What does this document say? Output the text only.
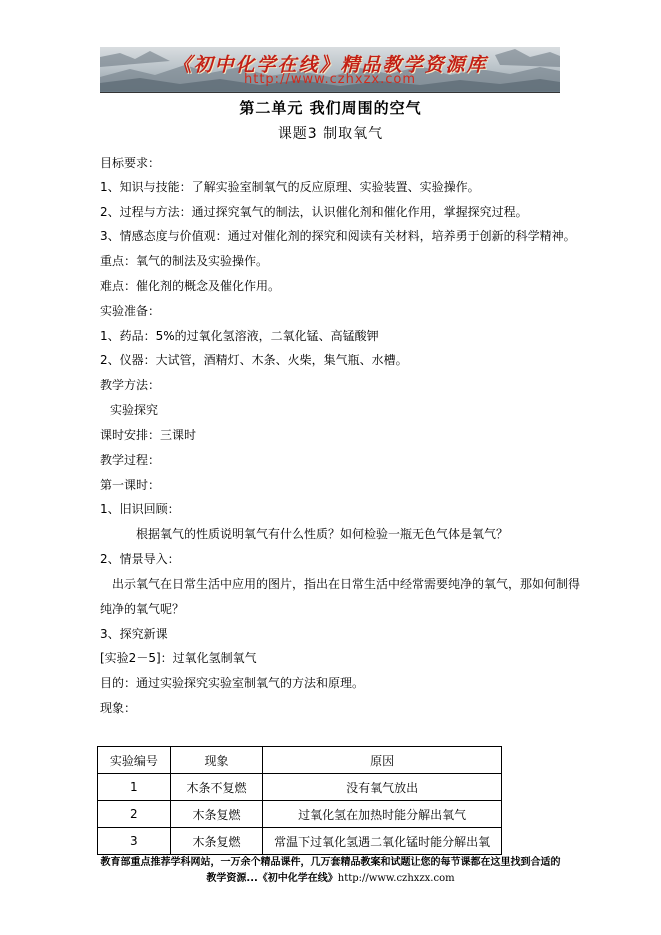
《初中化学在线》精品教学资源库
http://www.czhxzx.com
第二单元 我们周围的空气
课题3 制取氧气
目标要求：
1、知识与技能：了解实验室制氧气的反应原理、实验装置、实验操作。
2、过程与方法：通过探究氧气的制法，认识催化剂和催化作用，掌握探究过程。
3、情感态度与价值观：通过对催化剂的探究和阅读有关材料，培养勇于创新的科学精神。
重点：氧气的制法及实验操作。
难点：催化剂的概念及催化作用。
实验准备：
1、药品：5%的过氧化氢溶液，二氧化锰、高锰酸钾
2、仪器：大试管，酒精灯、木条、火柴，集气瓶、水槽。
教学方法：
实验探究
课时安排：三课时
教学过程：
第一课时：
1、旧识回顾：
根据氧气的性质说明氧气有什么性质？如何检验一瓶无色气体是氧气？
2、情景导入：
出示氧气在日常生活中应用的图片，指出在日常生活中经常需要纯净的氧气，那如何制得
纯净的氧气呢？
3、探究新课
[实验2－5]：过氧化氢制氧气
目的：通过实验探究实验室制氧气的方法和原理。
现象：
实验编号	现象	原因
1	木条不复燃	没有氧气放出
2	木条复燃	过氧化氢在加热时能分解出氧气
3	木条复燃	常温下过氧化氢遇二氧化锰时能分解出氧
教育部重点推荐学科网站，一万余个精品课件，几万套精品教案和试题让您的每节课都在这里找到合适的
教学资源...《初中化学在线》http://www.czhxzx.com
